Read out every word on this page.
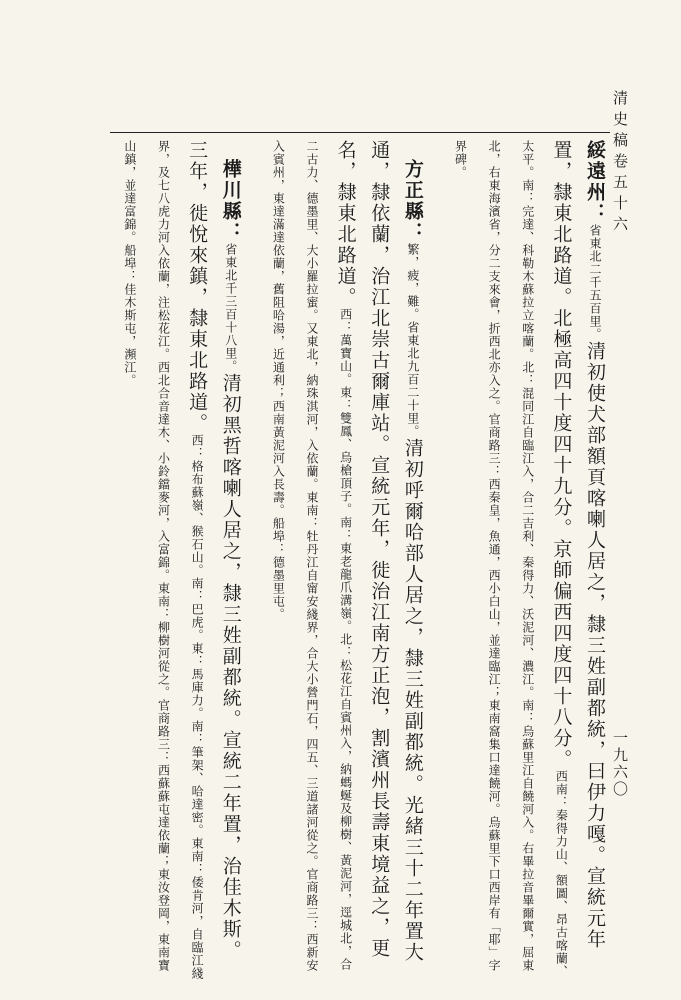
清史稿卷五十六
一九六〇
綏遠州：省東北二千五百里。清初使犬部額頁喀喇人居之，隸三姓副都統，曰伊力嘎。宣統元年置，隸東北路道。北極高四十度四十九分。京師偏西四度四十八分。西南：秦得力山、額圖、昂古喀蘭、太平。南：完達、科勒木蘇拉立喀蘭。北：混同江自臨江入，合二吉利、秦得力、沃泥河、濃江。南：烏蘇里江自饒河入。右畢拉音畢爾實，屈東北，右東海濱省，分二支來會，折西北亦入之。官商路三：西秦皇，魚通，西小白山，並達臨江；東南窩集口達饒河。烏蘇里下口西岸有「耶」字界碑。
方正縣：繁，疲，難。省東北九百二十里。清初呼爾哈部人居之，隸三姓副都統。光緒三十二年置大通，隸依蘭，治江北崇古爾庫站。宣統元年，徙治江南方正泡，割濱州長壽東境益之，更名，隸東北路道。西：萬寶山。東：雙鳳、烏槍頂子。南：東老龍爪溝嶺。北：松花江自賓州入，納螞蜒及柳樹、黃泥河，逕城北，合二古力、德墨里、大小羅拉蜜。又東北，納珠淇河，入依蘭。東南：牡丹江自甯安綫界，合大小營門石，四五、三道諸河從之。官商路三：西新安入賓州，東達滿達依蘭，舊阻哈湯，近通利；西南黃泥河入長壽。船埠：德墨里屯。
樺川縣：省東北千三百十八里。清初黑哲喀喇人居之，隸三姓副都統。宣統二年置，治佳木斯。三年，徙悅來鎮，隸東北路道。西：格布蘇嶺、猴石山。南：巴虎。東：馬庫力。南：筆架、哈達密。東南：倭肯河，自臨江綫界，及七八虎力河入依蘭，注松花江。西北合音達木、小鈴鐺麥河，入富錦。東南：柳樹河從之。官商路三：西蘇蘇屯達依蘭；東汝登岡，東南寶山鎮，並達富錦。船埠：佳木斯屯，瀕江。
